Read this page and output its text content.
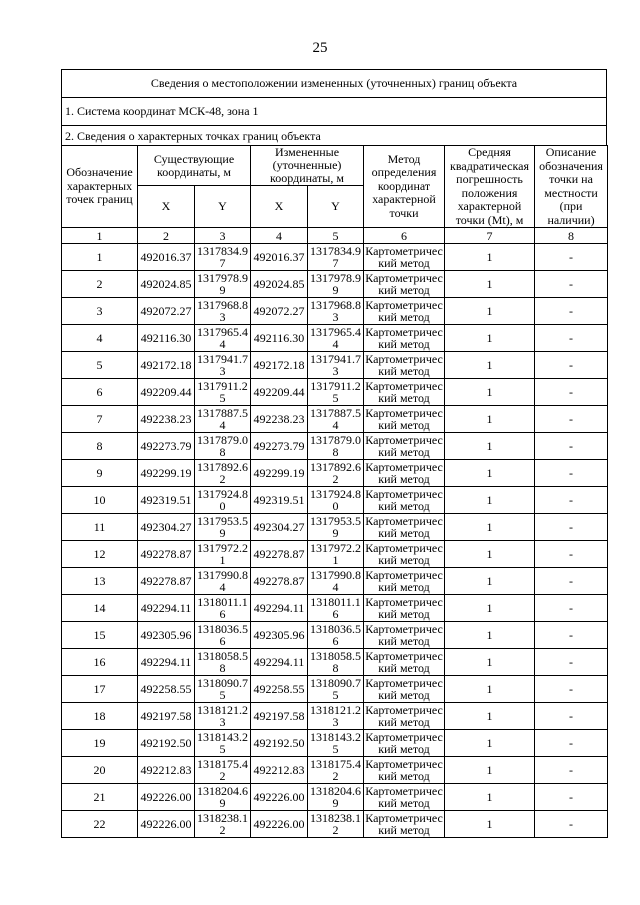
25
Сведения о местоположении измененных (уточненных) границ объекта
1. Система координат МСК-48, зона 1
2. Сведения о характерных точках границ объекта
Обозначение характерных точек границ	Существующие координаты, м		Измененные (уточненные) координаты, м		Метод определения координат характерной точки	Средняя квадратическая погрешность положения характерной точки (Mt), м	Описание обозначения точки на местности (при наличии)
	X	Y	X	Y			
1	2	3	4	5	6	7	8
1	492016.37	1317834.97	492016.37	1317834.97	Картометрический метод	1	-
2	492024.85	1317978.99	492024.85	1317978.99	Картометрический метод	1	-
3	492072.27	1317968.83	492072.27	1317968.83	Картометрический метод	1	-
4	492116.30	1317965.44	492116.30	1317965.44	Картометрический метод	1	-
5	492172.18	1317941.73	492172.18	1317941.73	Картометрический метод	1	-
6	492209.44	1317911.25	492209.44	1317911.25	Картометрический метод	1	-
7	492238.23	1317887.54	492238.23	1317887.54	Картометрический метод	1	-
8	492273.79	1317879.08	492273.79	1317879.08	Картометрический метод	1	-
9	492299.19	1317892.62	492299.19	1317892.62	Картометрический метод	1	-
10	492319.51	1317924.80	492319.51	1317924.80	Картометрический метод	1	-
11	492304.27	1317953.59	492304.27	1317953.59	Картометрический метод	1	-
12	492278.87	1317972.21	492278.87	1317972.21	Картометрический метод	1	-
13	492278.87	1317990.84	492278.87	1317990.84	Картометрический метод	1	-
14	492294.11	1318011.16	492294.11	1318011.16	Картометрический метод	1	-
15	492305.96	1318036.56	492305.96	1318036.56	Картометрический метод	1	-
16	492294.11	1318058.58	492294.11	1318058.58	Картометрический метод	1	-
17	492258.55	1318090.75	492258.55	1318090.75	Картометрический метод	1	-
18	492197.58	1318121.23	492197.58	1318121.23	Картометрический метод	1	-
19	492192.50	1318143.25	492192.50	1318143.25	Картометрический метод	1	-
20	492212.83	1318175.42	492212.83	1318175.42	Картометрический метод	1	-
21	492226.00	1318204.69	492226.00	1318204.69	Картометрический метод	1	-
22	492226.00	1318238.12	492226.00	1318238.12	Картометрический метод	1	-
